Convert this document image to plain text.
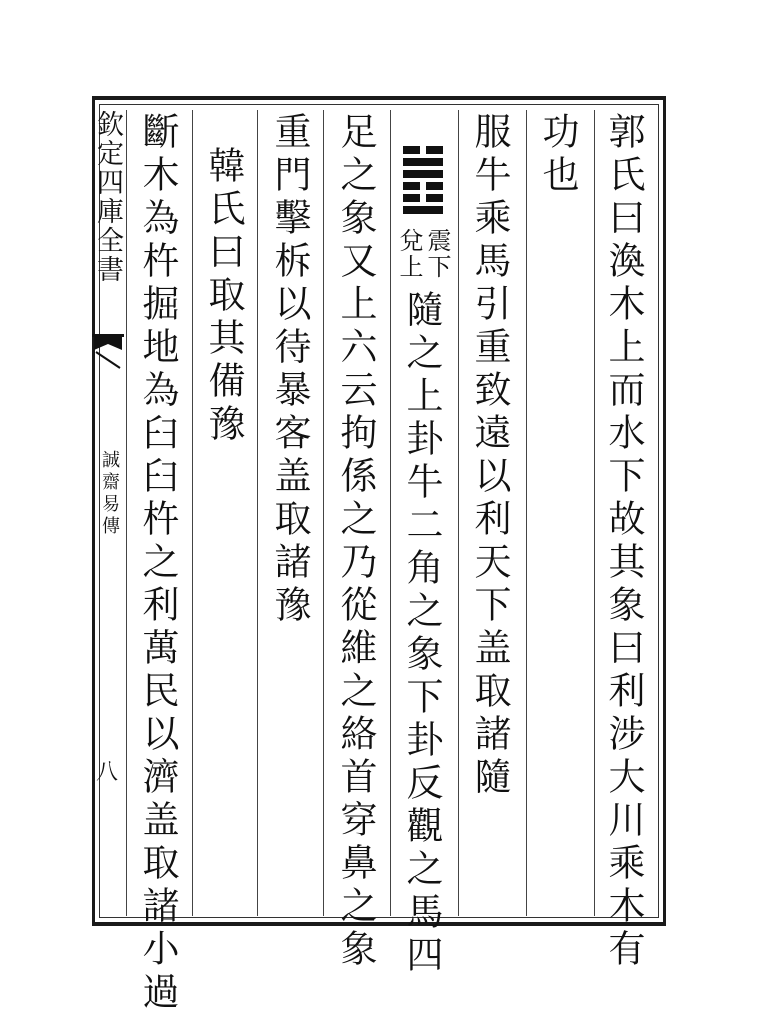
欽定四庫全書
誠齋易傳
八	郭氏曰渙木上而水下故其象曰利涉大川乘木有
功也
服牛乘馬引重致遠以利天下盖取諸隨
震下
兌上
隨之上卦牛二角之象下卦反觀之馬四
足之象又上六云拘係之乃從維之絡首穿鼻之象
重門擊柝以待暴客盖取諸豫
韓氏曰取其備豫
斷木為杵掘地為臼臼杵之利萬民以濟盖取諸小過
